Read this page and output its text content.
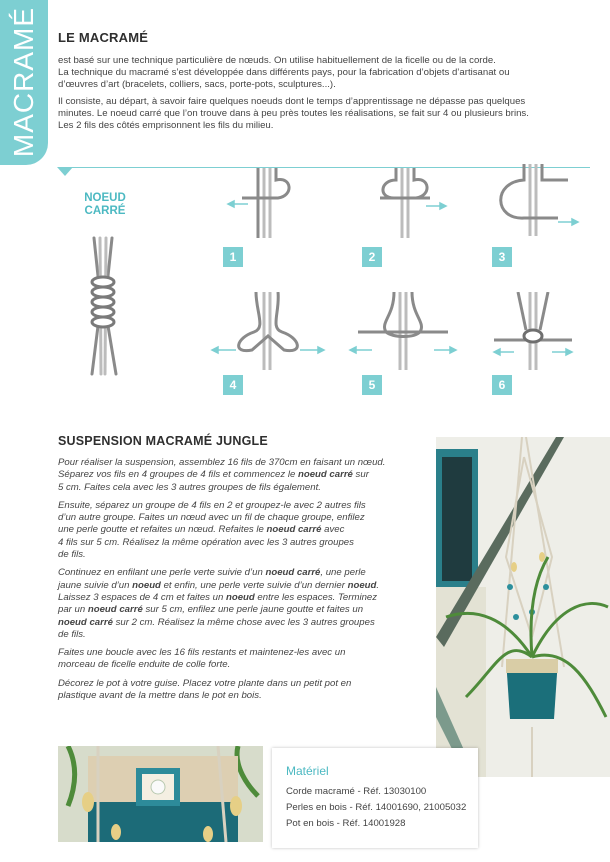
MACRAMÉ LE MACRAMÉ

est basé sur une technique particulière de nœuds. On utilise habituellement de la ficelle ou de la corde.
La technique du macramé s’est développée dans différents pays, pour la fabrication d’objets d’artisanat ou
d’œuvres d’art (bracelets, colliers, sacs, porte-pots, sculptures...).

Il consiste, au départ, à savoir faire quelques noeuds dont le temps d’apprentissage ne dépasse pas quelques
minutes. Le noeud carré que l’on trouve dans à peu près toutes les réalisations, se fait sur 4 ou plusieurs brins.
Les 2 fils des côtés emprisonnent les fils du milieu.

NOEUD
CARRÉ
1	2	3
4	5	6
SUSPENSION MACRAMÉ JUNGLE

Pour réaliser la suspension, assemblez 16 fils de 370cm en faisant un nœud.
Séparez vos fils en 4 groupes de 4 fils et commencez le noeud carré sur
5 cm. Faites cela avec les 3 autres groupes de fils également.

Ensuite, séparez un groupe de 4 fils en 2 et groupez-le avec 2 autres fils
d’un autre groupe. Faites un nœud avec un fil de chaque groupe, enfilez
une perle goutte et refaites un nœud. Refaites le noeud carré avec
4 fils sur 5 cm. Réalisez la même opération avec les 3 autres groupes
de fils.

Continuez en enfilant une perle verte suivie d’un noeud carré, une perle
jaune suivie d’un noeud et enfin, une perle verte suivie d’un dernier noeud.
Laissez 3 espaces de 4 cm et faites un noeud entre les espaces. Terminez
par un noeud carré sur 5 cm, enfilez une perle jaune goutte et faites un
noeud carré sur 2 cm. Réalisez la même chose avec les 3 autres groupes
de fils.

Faites une boucle avec les 16 fils restants et maintenez-les avec un
morceau de ficelle enduite de colle forte.

Décorez le pot à votre guise. Placez votre plante dans un petit pot en
plastique avant de la mettre dans le pot en bois.

Matériel

Corde macramé - Réf. 13030100

Perles en bois - Réf. 14001690, 21005032

Pot en bois - Réf. 14001928
